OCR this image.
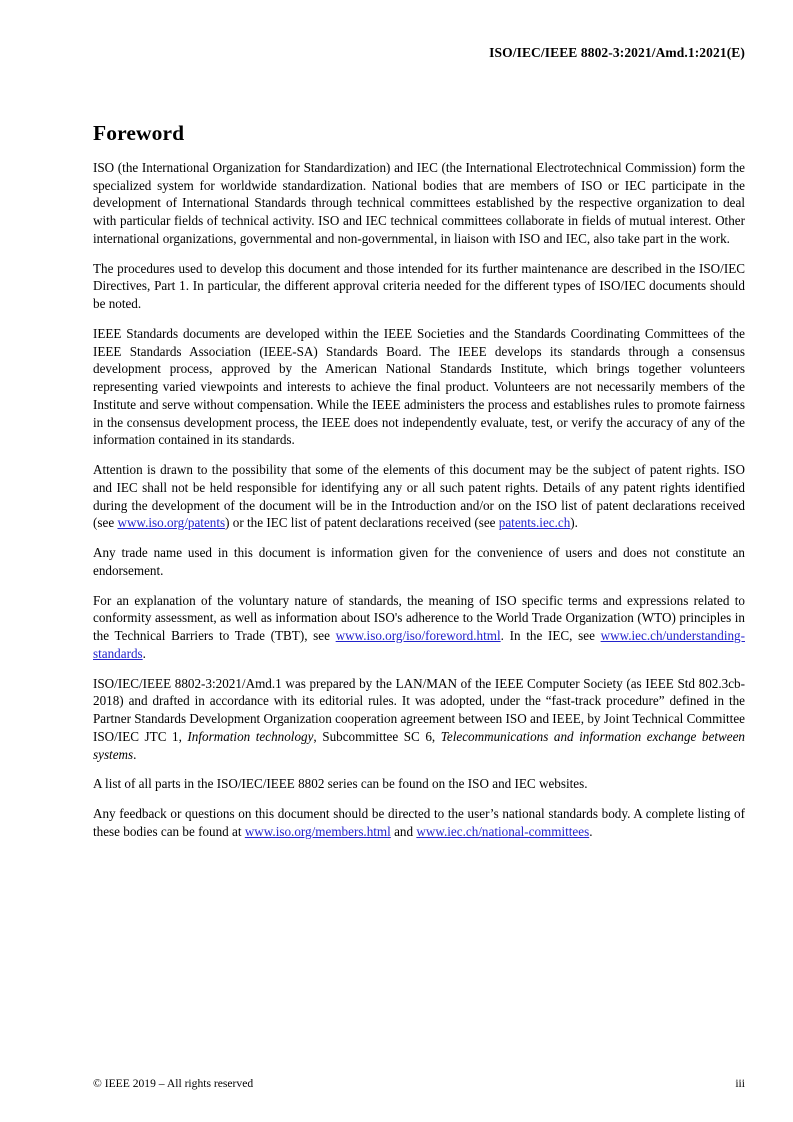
ISO/IEC/IEEE 8802-3:2021/Amd.1:2021(E)
Foreword

ISO (the International Organization for Standardization) and IEC (the International Electrotechnical Commission) form the specialized system for worldwide standardization. National bodies that are members of ISO or IEC participate in the development of International Standards through technical committees established by the respective organization to deal with particular fields of technical activity. ISO and IEC technical committees collaborate in fields of mutual interest. Other international organizations, governmental and non-governmental, in liaison with ISO and IEC, also take part in the work.

The procedures used to develop this document and those intended for its further maintenance are described in the ISO/IEC Directives, Part 1. In particular, the different approval criteria needed for the different types of ISO/IEC documents should be noted.

IEEE Standards documents are developed within the IEEE Societies and the Standards Coordinating Committees of the IEEE Standards Association (IEEE-SA) Standards Board. The IEEE develops its standards through a consensus development process, approved by the American National Standards Institute, which brings together volunteers representing varied viewpoints and interests to achieve the final product. Volunteers are not necessarily members of the Institute and serve without compensation. While the IEEE administers the process and establishes rules to promote fairness in the consensus development process, the IEEE does not independently evaluate, test, or verify the accuracy of any of the information contained in its standards.

Attention is drawn to the possibility that some of the elements of this document may be the subject of patent rights. ISO and IEC shall not be held responsible for identifying any or all such patent rights. Details of any patent rights identified during the development of the document will be in the Introduction and/or on the ISO list of patent declarations received (see www.iso.org/patents) or the IEC list of patent declarations received (see patents.iec.ch).

Any trade name used in this document is information given for the convenience of users and does not constitute an endorsement.

For an explanation of the voluntary nature of standards, the meaning of ISO specific terms and expressions related to conformity assessment, as well as information about ISO's adherence to the World Trade Organization (WTO) principles in the Technical Barriers to Trade (TBT), see www.iso.org/iso/foreword.html. In the IEC, see www.iec.ch/understanding-standards.

ISO/IEC/IEEE 8802-3:2021/Amd.1 was prepared by the LAN/MAN of the IEEE Computer Society (as IEEE Std 802.3cb-2018) and drafted in accordance with its editorial rules. It was adopted, under the “fast-track procedure” defined in the Partner Standards Development Organization cooperation agreement between ISO and IEEE, by Joint Technical Committee ISO/IEC JTC 1, Information technology, Subcommittee SC 6, Telecommunications and information exchange between systems.

A list of all parts in the ISO/IEC/IEEE 8802 series can be found on the ISO and IEC websites.

Any feedback or questions on this document should be directed to the user’s national standards body. A complete listing of these bodies can be found at www.iso.org/members.html and www.iec.ch/national-committees.

© IEEE 2019 – All rights reserved	iii
